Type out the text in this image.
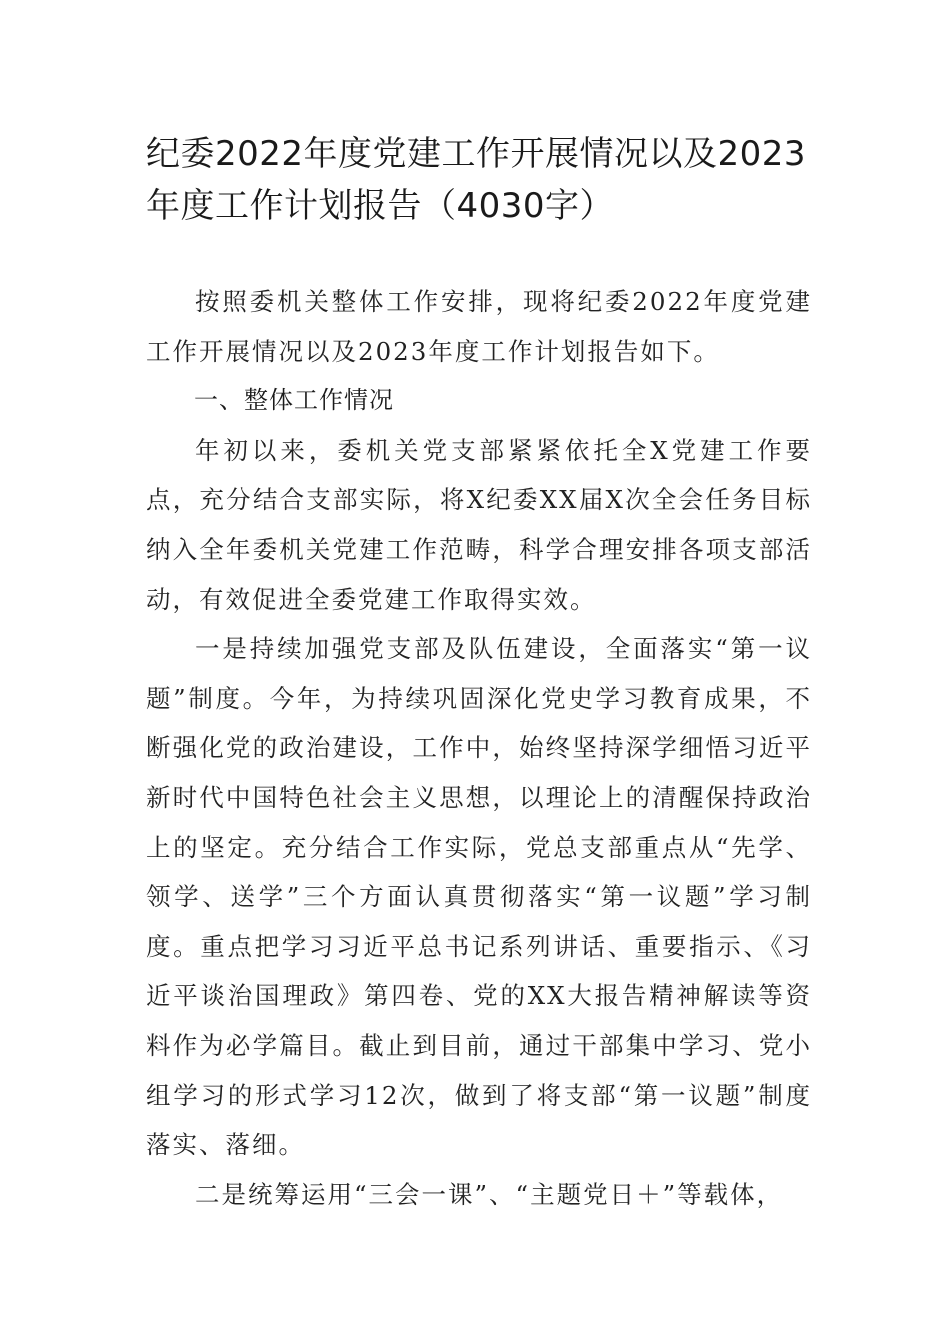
纪委2022年度党建工作开展情况以及2023年度工作计划报告（4030字）

按照委机关整体工作安排，现将纪委2022年度党建工作开展情况以及2023年度工作计划报告如下。

一、整体工作情况

年初以来，委机关党支部紧紧依托全X党建工作要点，充分结合支部实际，将X纪委XX届X次全会任务目标纳入全年委机关党建工作范畴，科学合理安排各项支部活动，有效促进全委党建工作取得实效。

一是持续加强党支部及队伍建设，全面落实“第一议题”制度。今年，为持续巩固深化党史学习教育成果，不断强化党的政治建设，工作中，始终坚持深学细悟习近平新时代中国特色社会主义思想，以理论上的清醒保持政治上的坚定。充分结合工作实际，党总支部重点从“先学、领学、送学”三个方面认真贯彻落实“第一议题”学习制度。重点把学习习近平总书记系列讲话、重要指示、《习近平谈治国理政》第四卷、党的XX大报告精神解读等资料作为必学篇目。截止到目前，通过干部集中学习、党小组学习的形式学习12次，做到了将支部“第一议题”制度落实、落细。

二是统筹运用“三会一课”、“主题党日＋”等载体，
